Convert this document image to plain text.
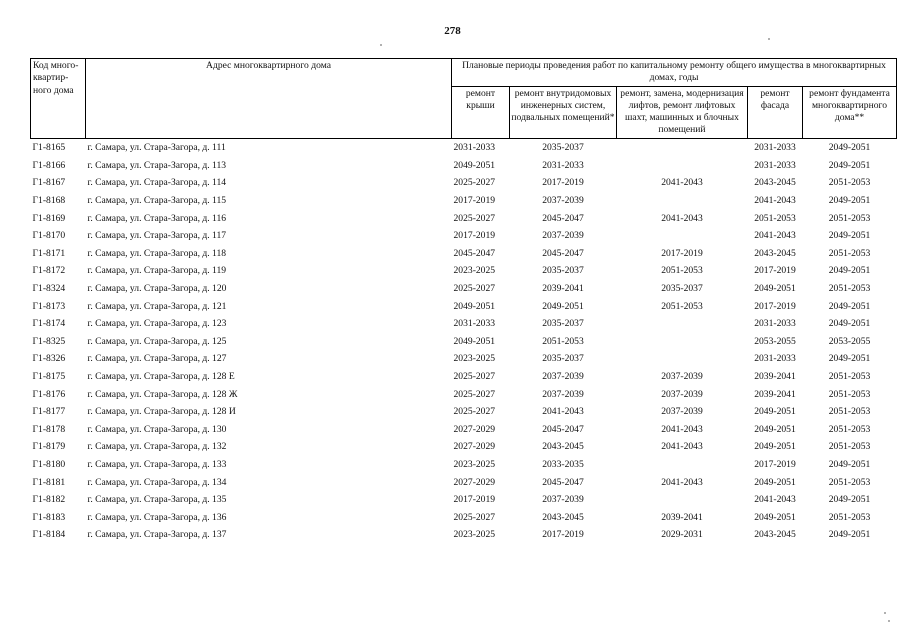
278
Код много-квартир-ного дома	Адрес многоквартирного дома	Плановые периоды проведения работ по капитальному ремонту общего имущества в многоквартирных домах, годы				
		ремонт крыши	ремонт внутридомовых инженерных систем, подвальных помещений*	ремонт, замена, модернизация лифтов, ремонт лифтовых шахт, машинных и блочных помещений	ремонт фасада	ремонт фундамента многоквартирного дома**
Г1-8165	г. Самара, ул. Стара-Загора, д. 111	2031-2033	2035-2037		2031-2033	2049-2051
Г1-8166	г. Самара, ул. Стара-Загора, д. 113	2049-2051	2031-2033		2031-2033	2049-2051
Г1-8167	г. Самара, ул. Стара-Загора, д. 114	2025-2027	2017-2019	2041-2043	2043-2045	2051-2053
Г1-8168	г. Самара, ул. Стара-Загора, д. 115	2017-2019	2037-2039		2041-2043	2049-2051
Г1-8169	г. Самара, ул. Стара-Загора, д. 116	2025-2027	2045-2047	2041-2043	2051-2053	2051-2053
Г1-8170	г. Самара, ул. Стара-Загора, д. 117	2017-2019	2037-2039		2041-2043	2049-2051
Г1-8171	г. Самара, ул. Стара-Загора, д. 118	2045-2047	2045-2047	2017-2019	2043-2045	2051-2053
Г1-8172	г. Самара, ул. Стара-Загора, д. 119	2023-2025	2035-2037	2051-2053	2017-2019	2049-2051
Г1-8324	г. Самара, ул. Стара-Загора, д. 120	2025-2027	2039-2041	2035-2037	2049-2051	2051-2053
Г1-8173	г. Самара, ул. Стара-Загора, д. 121	2049-2051	2049-2051	2051-2053	2017-2019	2049-2051
Г1-8174	г. Самара, ул. Стара-Загора, д. 123	2031-2033	2035-2037		2031-2033	2049-2051
Г1-8325	г. Самара, ул. Стара-Загора, д. 125	2049-2051	2051-2053		2053-2055	2053-2055
Г1-8326	г. Самара, ул. Стара-Загора, д. 127	2023-2025	2035-2037		2031-2033	2049-2051
Г1-8175	г. Самара, ул. Стара-Загора, д. 128 Е	2025-2027	2037-2039	2037-2039	2039-2041	2051-2053
Г1-8176	г. Самара, ул. Стара-Загора, д. 128 Ж	2025-2027	2037-2039	2037-2039	2039-2041	2051-2053
Г1-8177	г. Самара, ул. Стара-Загора, д. 128 И	2025-2027	2041-2043	2037-2039	2049-2051	2051-2053
Г1-8178	г. Самара, ул. Стара-Загора, д. 130	2027-2029	2045-2047	2041-2043	2049-2051	2051-2053
Г1-8179	г. Самара, ул. Стара-Загора, д. 132	2027-2029	2043-2045	2041-2043	2049-2051	2051-2053
Г1-8180	г. Самара, ул. Стара-Загора, д. 133	2023-2025	2033-2035		2017-2019	2049-2051
Г1-8181	г. Самара, ул. Стара-Загора, д. 134	2027-2029	2045-2047	2041-2043	2049-2051	2051-2053
Г1-8182	г. Самара, ул. Стара-Загора, д. 135	2017-2019	2037-2039		2041-2043	2049-2051
Г1-8183	г. Самара, ул. Стара-Загора, д. 136	2025-2027	2043-2045	2039-2041	2049-2051	2051-2053
Г1-8184	г. Самара, ул. Стара-Загора, д. 137	2023-2025	2017-2019	2029-2031	2043-2045	2049-2051
